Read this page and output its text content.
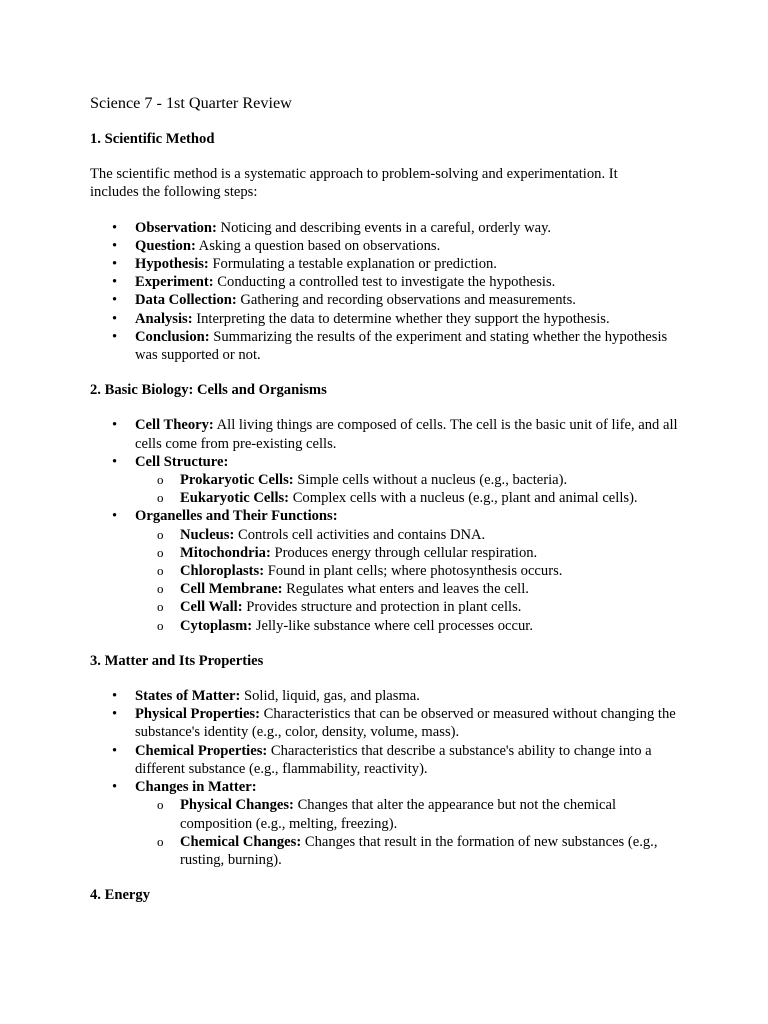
Science 7 - 1st Quarter Review

1. Scientific Method

The scientific method is a systematic approach to problem-solving and experimentation. It includes the following steps:

• Observation: Noticing and describing events in a careful, orderly way.
• Question: Asking a question based on observations.
• Hypothesis: Formulating a testable explanation or prediction.
• Experiment: Conducting a controlled test to investigate the hypothesis.
• Data Collection: Gathering and recording observations and measurements.
• Analysis: Interpreting the data to determine whether they support the hypothesis.
• Conclusion: Summarizing the results of the experiment and stating whether the hypothesis was supported or not.

2. Basic Biology: Cells and Organisms

• Cell Theory: All living things are composed of cells. The cell is the basic unit of life, and all cells come from pre-existing cells.
• Cell Structure:
o Prokaryotic Cells: Simple cells without a nucleus (e.g., bacteria).
o Eukaryotic Cells: Complex cells with a nucleus (e.g., plant and animal cells).
• Organelles and Their Functions:
o Nucleus: Controls cell activities and contains DNA.
o Mitochondria: Produces energy through cellular respiration.
o Chloroplasts: Found in plant cells; where photosynthesis occurs.
o Cell Membrane: Regulates what enters and leaves the cell.
o Cell Wall: Provides structure and protection in plant cells.
o Cytoplasm: Jelly-like substance where cell processes occur.

3. Matter and Its Properties

• States of Matter: Solid, liquid, gas, and plasma.
• Physical Properties: Characteristics that can be observed or measured without changing the substance's identity (e.g., color, density, volume, mass).
• Chemical Properties: Characteristics that describe a substance's ability to change into a different substance (e.g., flammability, reactivity).
• Changes in Matter:
o Physical Changes: Changes that alter the appearance but not the chemical composition (e.g., melting, freezing).
o Chemical Changes: Changes that result in the formation of new substances (e.g., rusting, burning).

4. Energy
